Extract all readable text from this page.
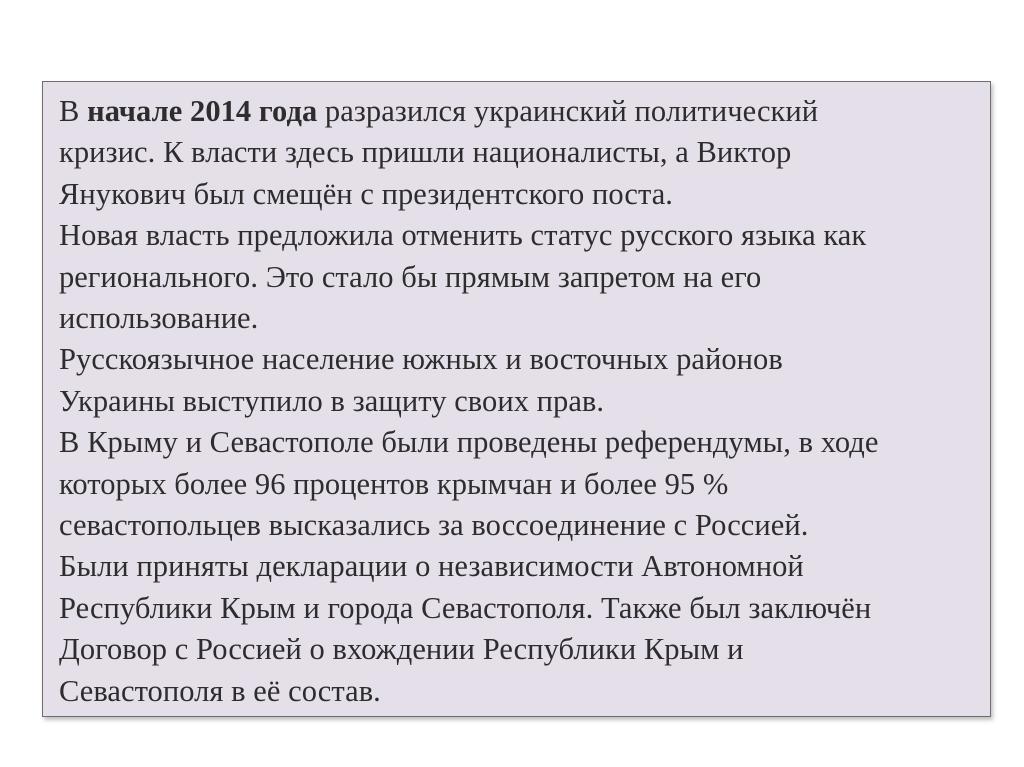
В начале 2014 года разразился украинский политический
кризис. К власти здесь пришли националисты, а Виктор
Янукович был смещён с президентского поста.
Новая власть предложила отменить статус русского языка как
регионального. Это стало бы прямым запретом на его
использование.
Русскоязычное население южных и восточных районов
Украины выступило в защиту своих прав.
В Крыму и Севастополе были проведены референдумы, в ходе
которых более 96 процентов крымчан и более 95 %
севастопольцев высказались за воссоединение с Россией.
Были приняты декларации о независимости Автономной
Республики Крым и города Севастополя. Также был заключён
Договор с Россией о вхождении Республики Крым и
Севастополя в её состав.
